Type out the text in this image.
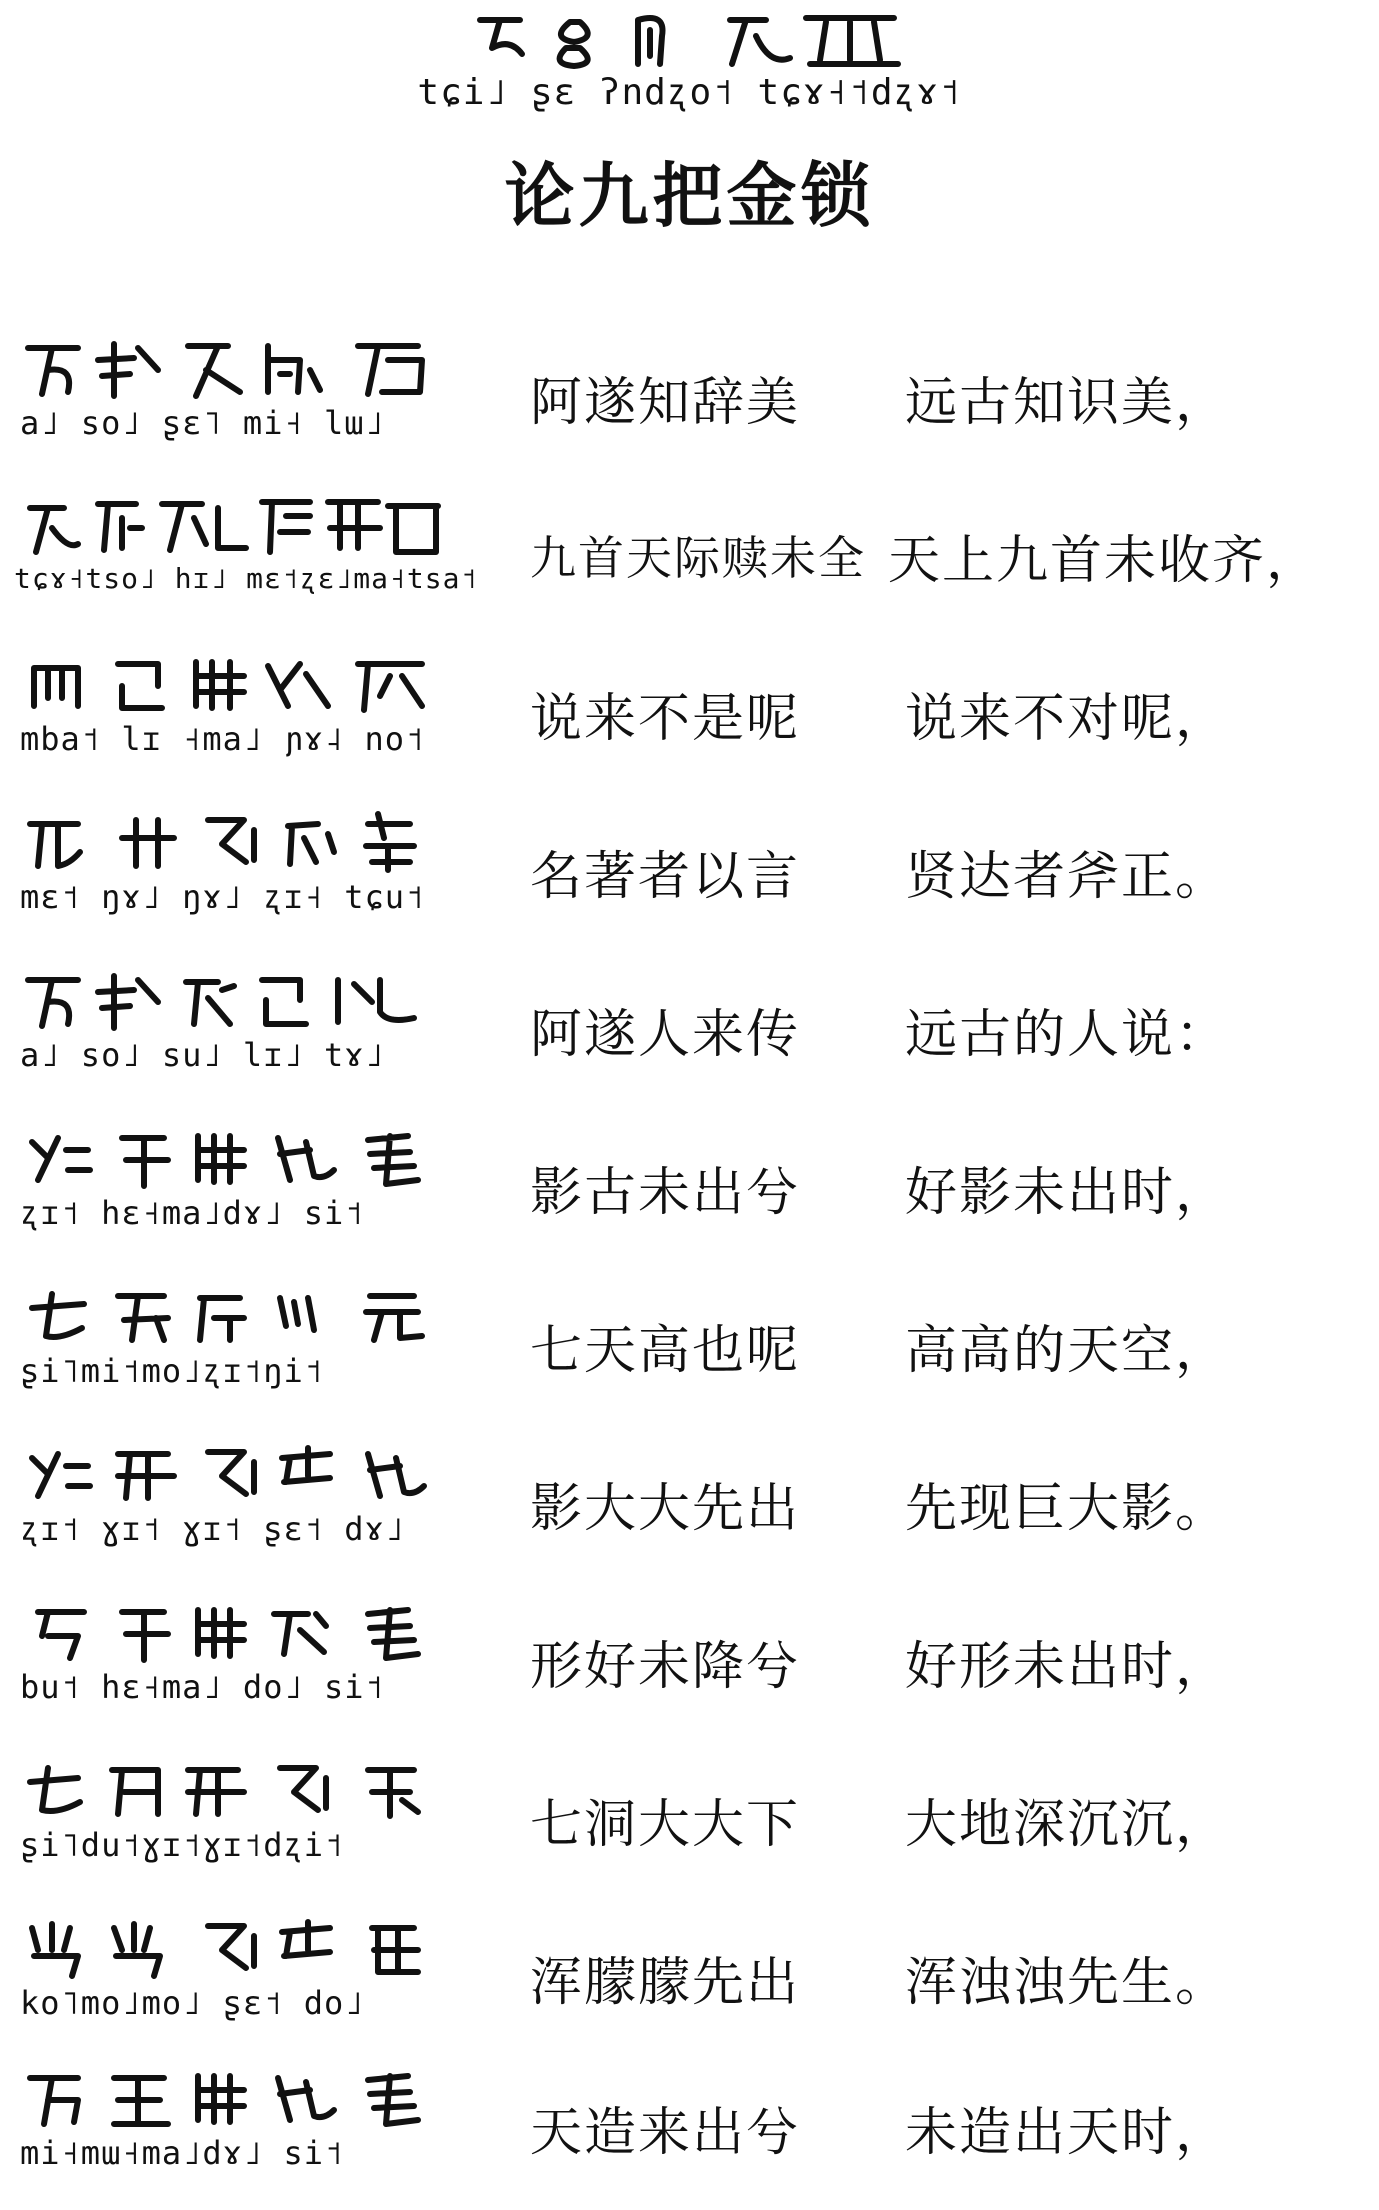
tɕi˩ ʂɛ ʔndʐo˦ tɕɤ˧˦dʐɤ˦
论九把金锁
a˩ so˩ ʂɛ˥ mi˧ lɯ˩	阿遂知辞美 远古知识美，
tɕɤ˧tso˩ hɪ˩ mɛ˦ʐɛ˩ma˧tsa˦ 九首天际赎未全 天上九首未收齐，
mba˦ lɪ ˧ma˩ ɲɤ˨ no˦	说来不是呢 说来不对呢，
mɛ˦ ŋɤ˩ ŋɤ˩ ʐɪ˧ tɕu˦	名著者以言 贤达者斧正。
a˩ so˩ su˩ lɪ˩ tɤ˩	阿遂人来传 远古的人说：
ʐɪ˦ hɛ˧ma˩dɤ˩ si˦	影古未出兮 好影未出时，
ʂi˥mi˦mo˩ʐɪ˦ŋi˦	七天高也呢 高高的天空，
ʐɪ˦ ɣɪ˦ ɣɪ˦ ʂɛ˦ dɤ˩	影大大先出 先现巨大影。
bu˦ hɛ˧ma˩ do˩ si˦	形好未降兮 好形未出时，
ʂi˥du˦ɣɪ˦ɣɪ˦dʐi˦	七洞大大下 大地深沉沉，
ko˥mo˩mo˩ ʂɛ˦ do˩	浑朦朦先出 浑浊浊先生。
mi˧mɯ˧ma˩dɤ˩ si˦	天造来出兮 未造出天时，
